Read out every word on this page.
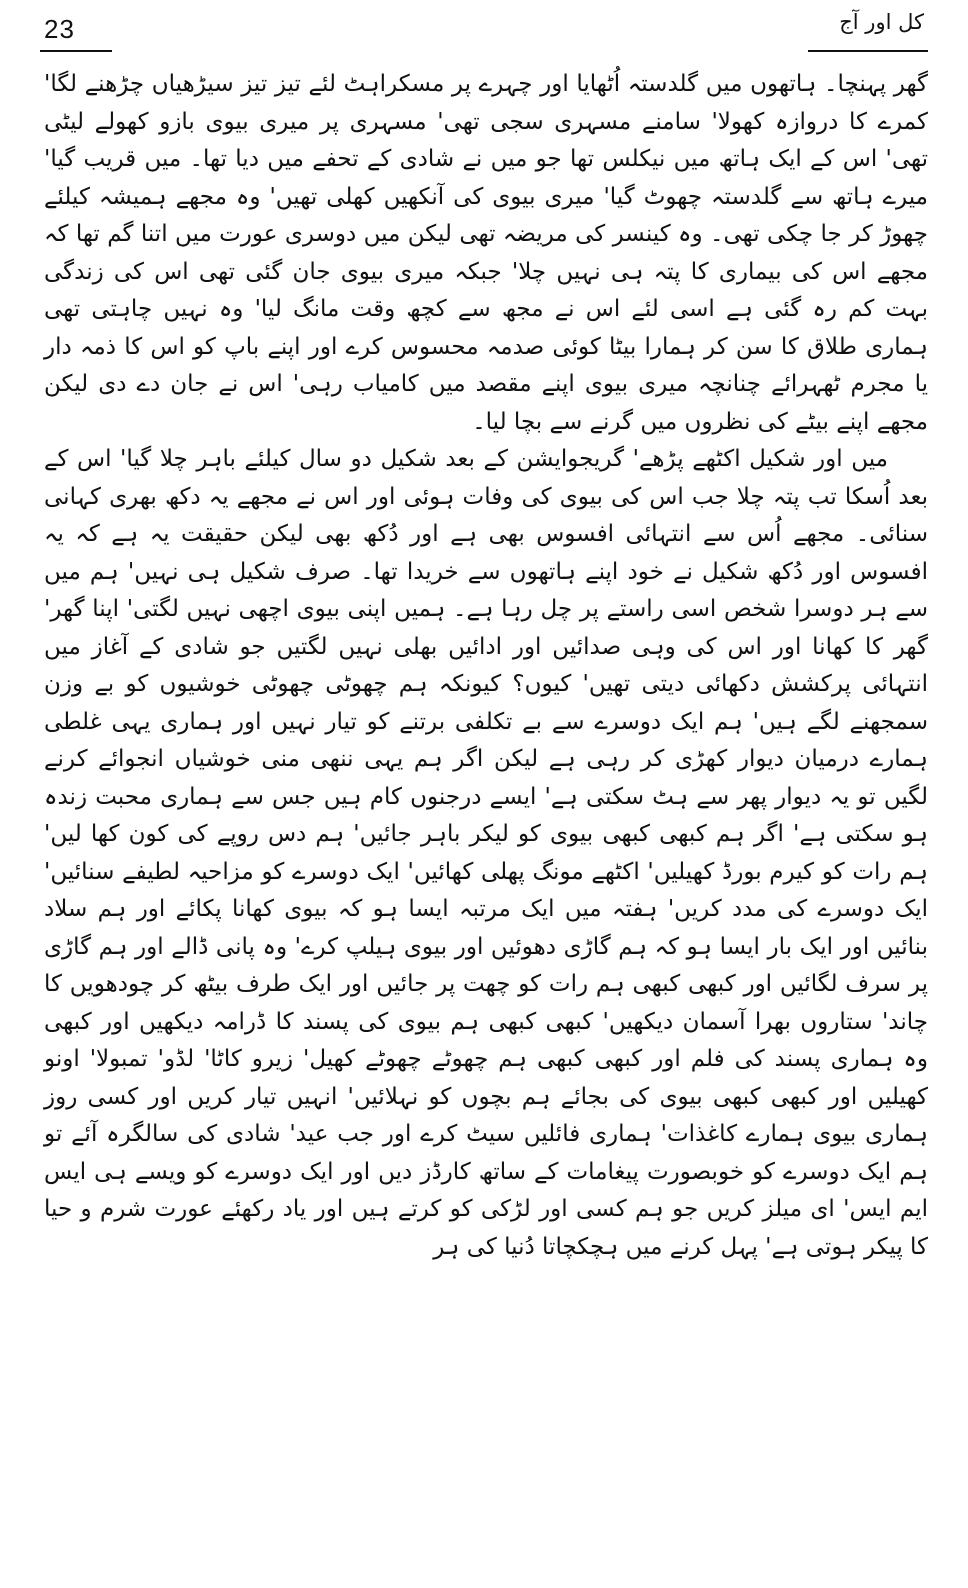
23	کل اور آج

گھر پہنچا۔ ہاتھوں میں گلدستہ اُٹھایا اور چہرے پر مسکراہٹ لئے تیز تیز سیڑھیاں چڑھنے لگا' کمرے کا دروازہ کھولا' سامنے مسہری سجی تھی' مسہری پر میری بیوی بازو کھولے لیٹی تھی' اس کے ایک ہاتھ میں نیکلس تھا جو میں نے شادی کے تحفے میں دیا تھا۔ میں قریب گیا' میرے ہاتھ سے گلدستہ چھوٹ گیا' میری بیوی کی آنکھیں کھلی تھیں' وہ مجھے ہمیشہ کیلئے چھوڑ کر جا چکی تھی۔ وہ کینسر کی مریضہ تھی لیکن میں دوسری عورت میں اتنا گم تھا کہ مجھے اس کی بیماری کا پتہ ہی نہیں چلا' جبکہ میری بیوی جان گئی تھی اس کی زندگی بہت کم رہ گئی ہے اسی لئے اس نے مجھ سے کچھ وقت مانگ لیا' وہ نہیں چاہتی تھی ہماری طلاق کا سن کر ہمارا بیٹا کوئی صدمہ محسوس کرے اور اپنے باپ کو اس کا ذمہ دار یا مجرم ٹھہرائے چنانچہ میری بیوی اپنے مقصد میں کامیاب رہی' اس نے جان دے دی لیکن مجھے اپنے بیٹے کی نظروں میں گرنے سے بچا لیا۔

میں اور شکیل اکٹھے پڑھے' گریجوایشن کے بعد شکیل دو سال کیلئے باہر چلا گیا' اس کے بعد اُسکا تب پتہ چلا جب اس کی بیوی کی وفات ہوئی اور اس نے مجھے یہ دکھ بھری کہانی سنائی۔ مجھے اُس سے انتہائی افسوس بھی ہے اور دُکھ بھی لیکن حقیقت یہ ہے کہ یہ افسوس اور دُکھ شکیل نے خود اپنے ہاتھوں سے خریدا تھا۔ صرف شکیل ہی نہیں' ہم میں سے ہر دوسرا شخص اسی راستے پر چل رہا ہے۔ ہمیں اپنی بیوی اچھی نہیں لگتی' اپنا گھر' گھر کا کھانا اور اس کی وہی صدائیں اور ادائیں بھلی نہیں لگتیں جو شادی کے آغاز میں انتہائی پرکشش دکھائی دیتی تھیں' کیوں؟ کیونکہ ہم چھوٹی چھوٹی خوشیوں کو بے وزن سمجھنے لگے ہیں' ہم ایک دوسرے سے بے تکلفی برتنے کو تیار نہیں اور ہماری یہی غلطی ہمارے درمیان دیوار کھڑی کر رہی ہے لیکن اگر ہم یہی ننھی منی خوشیاں انجوائے کرنے لگیں تو یہ دیوار پھر سے ہٹ سکتی ہے' ایسے درجنوں کام ہیں جس سے ہماری محبت زندہ ہو سکتی ہے' اگر ہم کبھی کبھی بیوی کو لیکر باہر جائیں' ہم دس روپے کی کون کھا لیں' ہم رات کو کیرم بورڈ کھیلیں' اکٹھے مونگ پھلی کھائیں' ایک دوسرے کو مزاحیہ لطیفے سنائیں' ایک دوسرے کی مدد کریں' ہفتہ میں ایک مرتبہ ایسا ہو کہ بیوی کھانا پکائے اور ہم سلاد بنائیں اور ایک بار ایسا ہو کہ ہم گاڑی دھوئیں اور بیوی ہیلپ کرے' وہ پانی ڈالے اور ہم گاڑی پر سرف لگائیں اور کبھی کبھی ہم رات کو چھت پر جائیں اور ایک طرف بیٹھ کر چودھویں کا چاند' ستاروں بھرا آسمان دیکھیں' کبھی کبھی ہم بیوی کی پسند کا ڈرامہ دیکھیں اور کبھی وہ ہماری پسند کی فلم اور کبھی کبھی ہم چھوٹے چھوٹے کھیل' زیرو کاٹا' لڈو' تمبولا' اونو کھیلیں اور کبھی کبھی بیوی کی بجائے ہم بچوں کو نہلائیں' انہیں تیار کریں اور کسی روز ہماری بیوی ہمارے کاغذات' ہماری فائلیں سیٹ کرے اور جب عید' شادی کی سالگرہ آئے تو ہم ایک دوسرے کو خوبصورت پیغامات کے ساتھ کارڈز دیں اور ایک دوسرے کو ویسے ہی ایس ایم ایس' ای میلز کریں جو ہم کسی اور لڑکی کو کرتے ہیں اور یاد رکھئے عورت شرم و حیا کا پیکر ہوتی ہے' پہل کرنے میں ہچکچاتا دُنیا کی ہر
